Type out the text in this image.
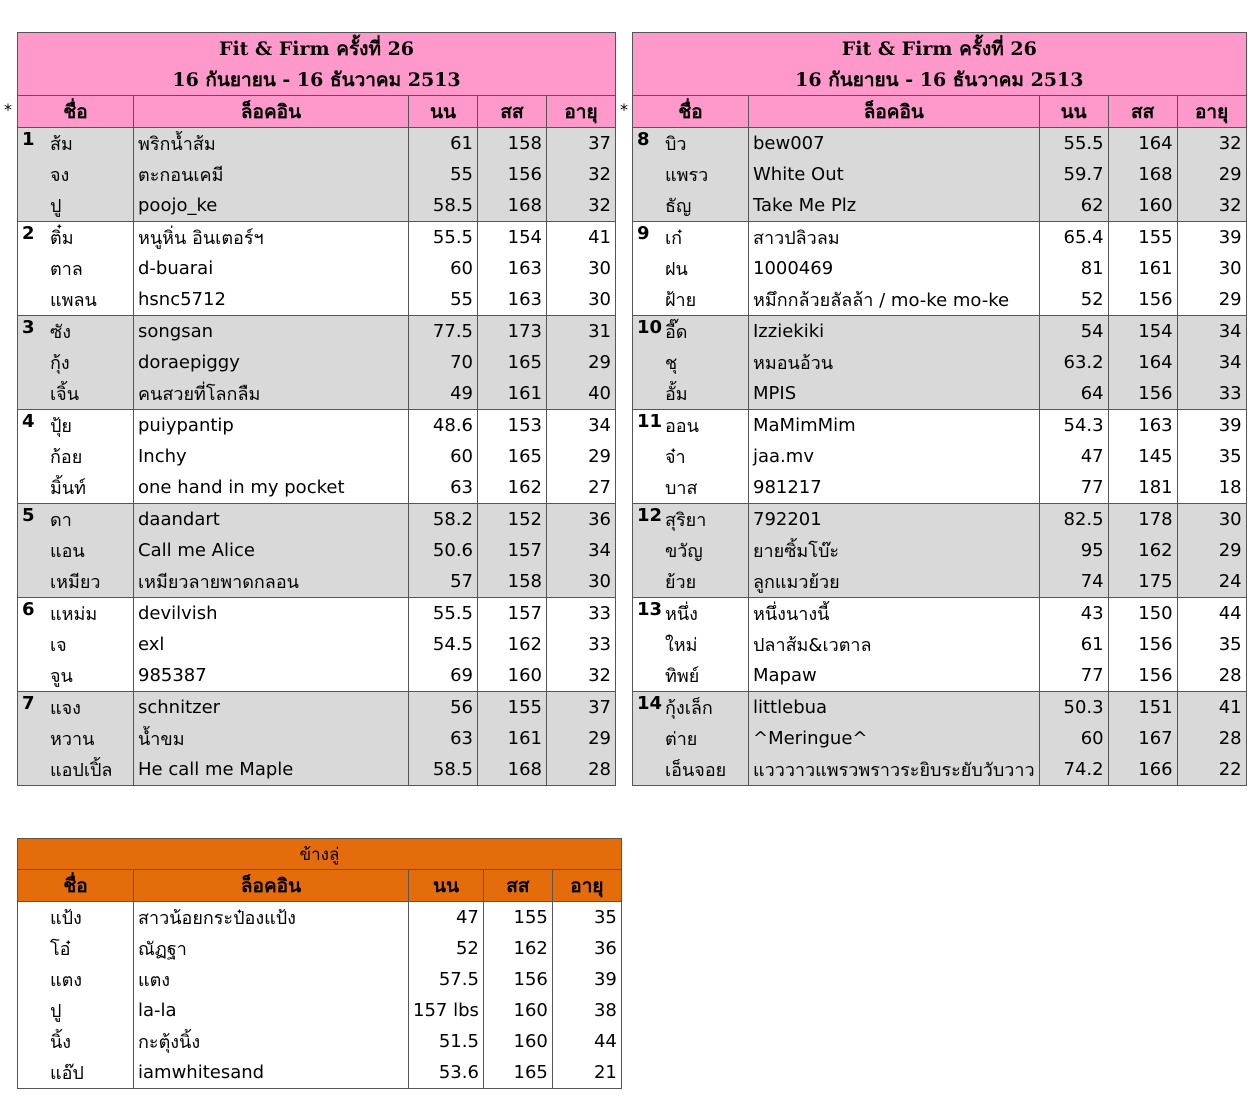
*	*
Fit & Firm ครั้งที่ 26				
16 กันยายน - 16 ธันวาคม 2513				
ชื่อ	ล็อคอิน	นน	สส	อายุ

1 ส้ม	พริกน้ำส้ม	61	158	37

จง	ตะกอนเคมี	55	156	32

ปู	poojo_ke	58.5	168	32

2 ติ๋ม	หนูหิ่น อินเตอร์ฯ	55.5	154	41

ตาล	d-buarai	60	163	30

แพลน	hsnc5712	55	163	30

3 ซัง	songsan	77.5	173	31

กุ้ง	doraepiggy	70	165	29

เจิ้น	คนสวยที่โลกลืม	49	161	40

4 ปุ้ย	puiypantip	48.6	153	34

ก้อย	Inchy	60	165	29

มิ้นท์	one hand in my pocket	63	162	27

5 ดา	daandart	58.2	152	36

แอน	Call me Alice	50.6	157	34

เหมียว	เหมียวลายพาดกลอน	57	158	30

6 แหม่ม	devilvish	55.5	157	33

เจ	exl	54.5	162	33

จูน	985387	69	160	32

7 แจง	schnitzer	56	155	37

หวาน	น้ำขม	63	161	29

แอปเปิ้ล	He call me Maple	58.5	168	28
Fit & Firm ครั้งที่ 26				
16 กันยายน - 16 ธันวาคม 2513				
ชื่อ	ล็อคอิน	นน	สส	อายุ

8 บิว	bew007	55.5	164	32

แพรว	White Out	59.7	168	29

ธัญ	Take Me Plz	62	160	32

9 เก๋	สาวปลิวลม	65.4	155	39

ฝน	1000469	81	161	30

ฝ้าย	หมึกกล้วยลัลล้า / mo-ke mo-ke	52	156	29

10 อี๊ด	Izziekiki	54	154	34

ชุ	หมอนอ้วน	63.2	164	34

อั้ม	MPIS	64	156	33

11 ออน	MaMimMim	54.3	163	39

จ๋า	jaa.mv	47	145	35

บาส	981217	77	181	18

12 สุริยา	792201	82.5	178	30

ขวัญ	ยายซิ้มโบ๊ะ	95	162	29

ย้วย	ลูกแมวย้วย	74	175	24

13 หนึ่ง	หนึ่งนางนี้	43	150	44

ใหม่	ปลาส้ม&เวตาล	61	156	35

ทิพย์	Mapaw	77	156	28

14 กุ้งเล็ก	littlebua	50.3	151	41

ต่าย	^Meringue^	60	167	28

เอ็นจอย	แวววาวแพรวพราวระยิบระยับวับวาว	74.2	166	22
ข้างลู่				
ชื่อ	ล็อคอิน	นน	สส	อายุ

แป้ง	สาวน้อยกระป๋องแป้ง	47	155	35

โอ๋	ณัฏฐา	52	162	36

แตง	แตง	57.5	156	39

ปู	la-la	157 lbs	160	38

นิ้ง	กะตุ้งนิ้ง	51.5	160	44

แอ๊ป	iamwhitesand	53.6	165	21
